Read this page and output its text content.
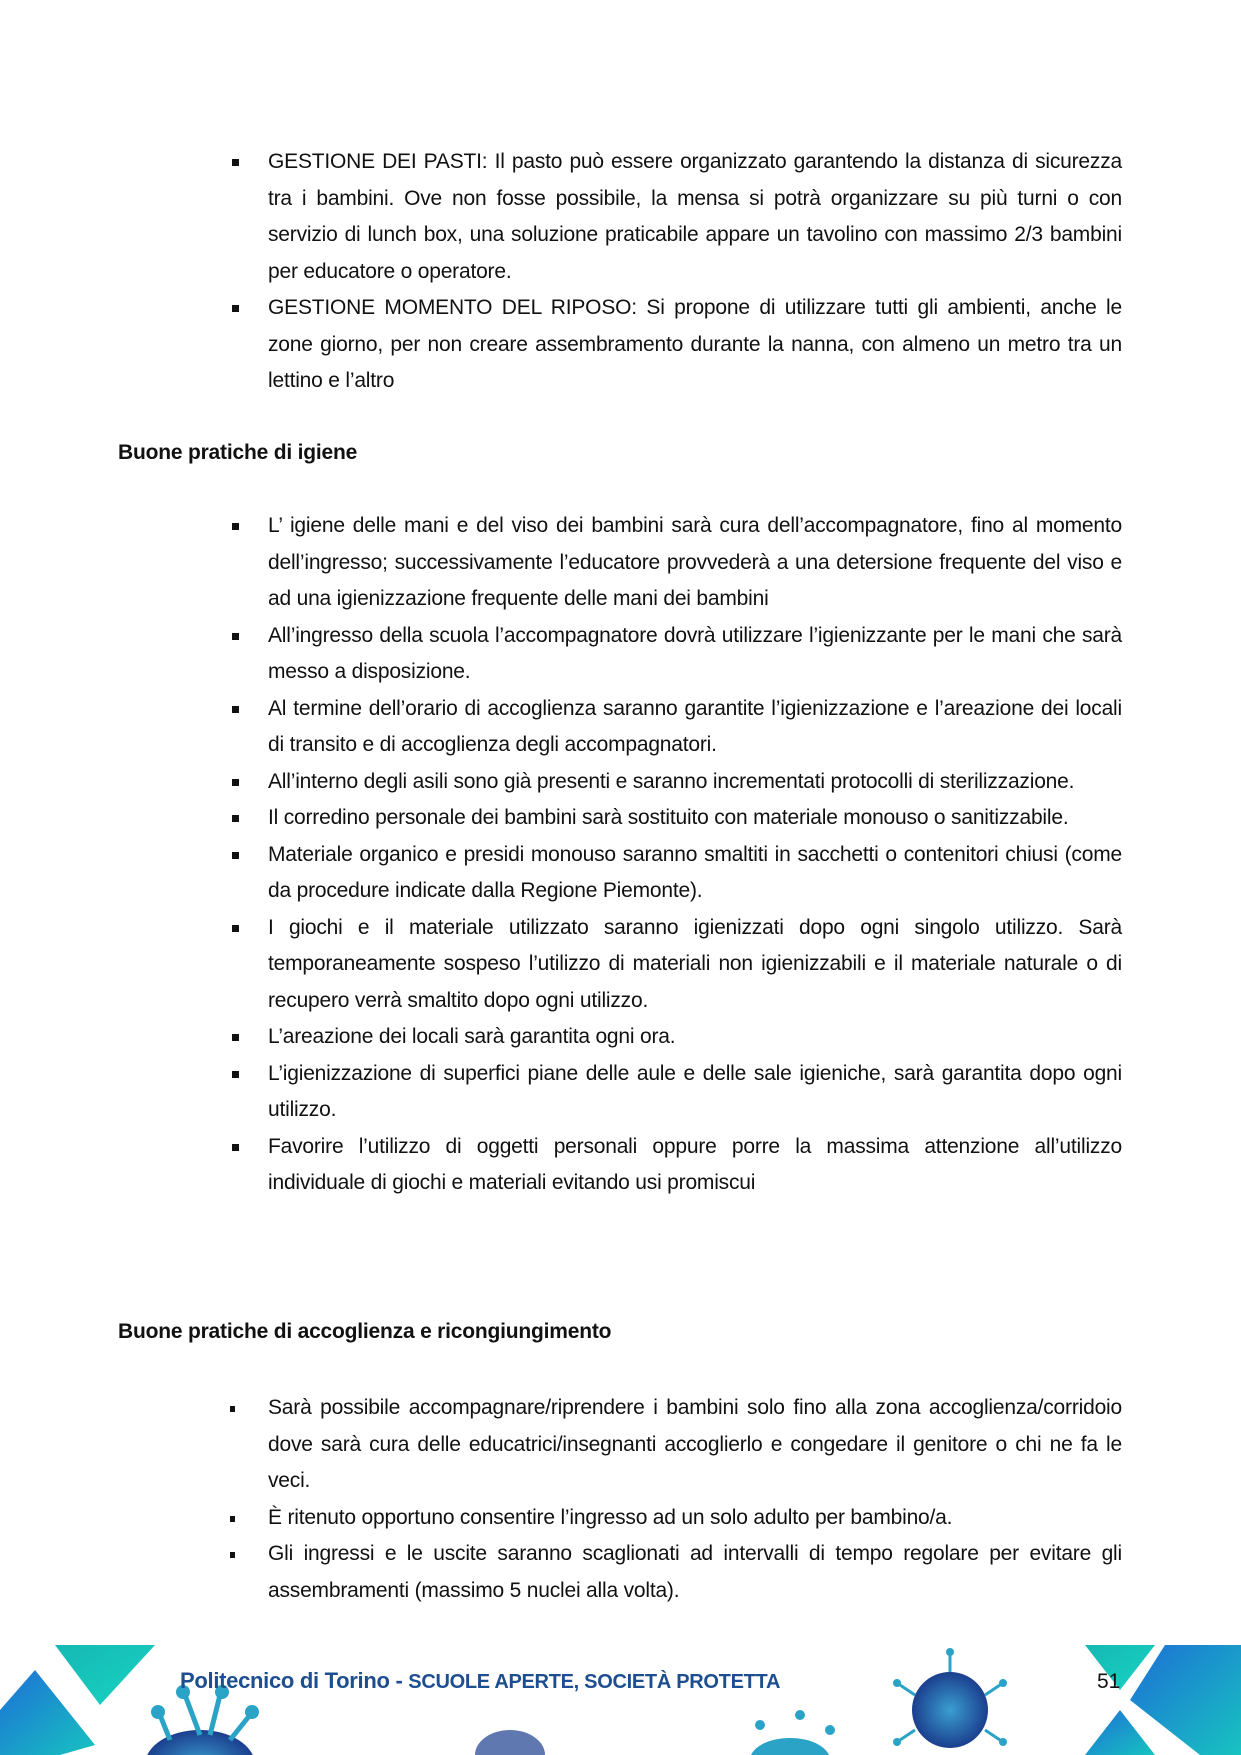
GESTIONE DEI PASTI: Il pasto può essere organizzato garantendo la distanza di sicurezza tra i bambini. Ove non fosse possibile, la mensa si potrà organizzare su più turni o con servizio di lunch box, una soluzione praticabile appare un tavolino con massimo 2/3 bambini per educatore o operatore.
GESTIONE MOMENTO DEL RIPOSO: Si propone di utilizzare tutti gli ambienti, anche le zone giorno, per non creare assembramento durante la nanna, con almeno un metro tra un lettino e l’altro
Buone pratiche di igiene
L’ igiene delle mani e del viso dei bambini sarà cura dell’accompagnatore, fino al momento dell’ingresso; successivamente l’educatore provvederà a una detersione frequente del viso e ad una igienizzazione frequente delle mani dei bambini
All’ingresso della scuola l’accompagnatore dovrà utilizzare l’igienizzante per le mani che sarà messo a disposizione.
Al termine dell’orario di accoglienza saranno garantite l’igienizzazione e l’areazione dei locali di transito e di accoglienza degli accompagnatori.
All’interno degli asili sono già presenti e saranno incrementati protocolli di sterilizzazione.
Il corredino personale dei bambini sarà sostituito con materiale monouso o sanitizzabile.
Materiale organico e presidi monouso saranno smaltiti in sacchetti o contenitori chiusi (come da procedure indicate dalla Regione Piemonte).
I giochi e il materiale utilizzato saranno igienizzati dopo ogni singolo utilizzo. Sarà temporaneamente sospeso l’utilizzo di materiali non igienizzabili e il materiale naturale o di recupero verrà smaltito dopo ogni utilizzo.
L’areazione dei locali sarà garantita ogni ora.
L’igienizzazione di superfici piane delle aule e delle sale igieniche, sarà garantita dopo ogni utilizzo.
Favorire l’utilizzo di oggetti personali oppure porre la massima attenzione all’utilizzo individuale di giochi e materiali evitando usi promiscui
Buone pratiche di accoglienza e ricongiungimento
Sarà possibile accompagnare/riprendere i bambini solo fino alla zona accoglienza/corridoio dove sarà cura delle educatrici/insegnanti accoglierlo e congedare il genitore o chi ne fa le veci.
È ritenuto opportuno consentire l’ingresso ad un solo adulto per bambino/a.
Gli ingressi e le uscite saranno scaglionati ad intervalli di tempo regolare per evitare gli assembramenti (massimo 5 nuclei alla volta).
Politecnico di Torino - SCUOLE APERTE, SOCIETÀ PROTETTA	51
